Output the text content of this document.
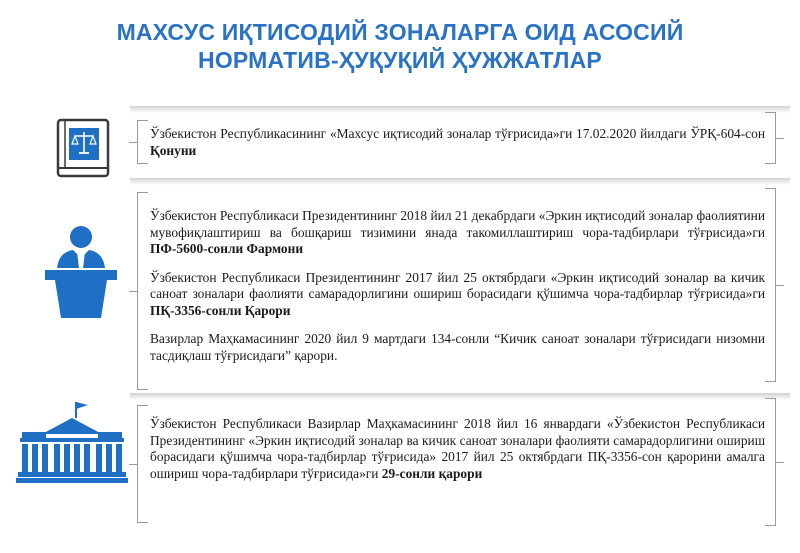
МАХСУС ИҚТИСОДИЙ ЗОНАЛАРГА ОИД АСОСИЙ
НОРМАТИВ-ҲУҚУҚИЙ ҲУЖЖАТЛАР

Ўзбекистон Республикасининг «Махсус иқтисодий зоналар тўғрисида»ги 17.02.2020 йилдаги ЎРҚ-604-сон Қонуни

Ўзбекистон Республикаси Президентининг 2018 йил 21 декабрдаги «Эркин иқтисодий зоналар фаолиятини мувофиқлаштириш ва бошқариш тизимини янада такомиллаштириш чора-тадбирлари тўғрисида»ги ПФ-5600-сонли Фармони

Ўзбекистон Республикаси Президентининг 2017 йил 25 октябрдаги «Эркин иқтисодий зоналар ва кичик саноат зоналари фаолияти самарадорлигини ошириш борасидаги қўшимча чора-тадбирлар тўғрисида»ги ПҚ-3356-сонли Қарори

Вазирлар Маҳкамасининг 2020 йил 9 мартдаги 134-сонли “Кичик саноат зоналари тўғрисидаги низомни тасдиқлаш тўғрисидаги” қарори.

Ўзбекистон Республикаси Вазирлар Маҳкамасининг 2018 йил 16 январдаги «Ўзбекистон Республикаси Президентининг «Эркин иқтисодий зоналар ва кичик саноат зоналари фаолияти самарадорлигини ошириш борасидаги қўшимча чора-тадбирлар тўғрисида» 2017 йил 25 октябрдаги ПҚ-3356-сон қарорини амалга ошириш чора-тадбирлари тўғрисида»ги 29-сонли қарори
